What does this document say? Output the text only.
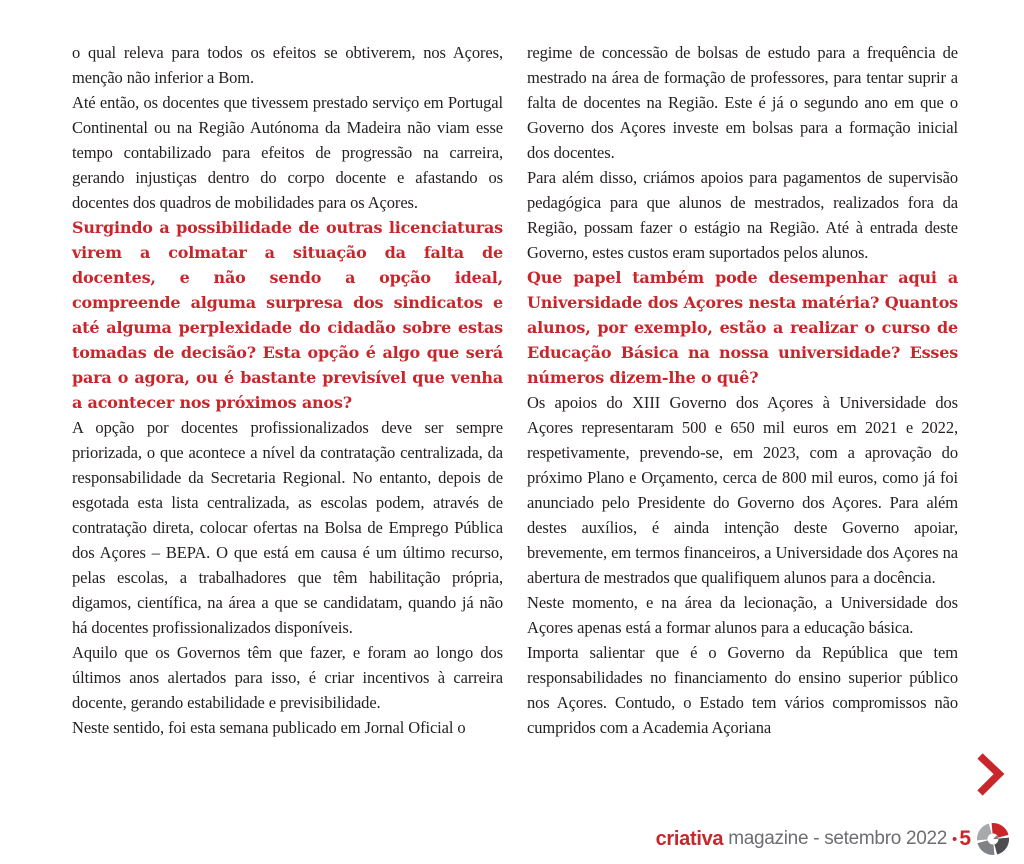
o qual releva para todos os efeitos se obtiverem, nos Açores, menção não inferior a Bom.

Até então, os docentes que tivessem prestado serviço em Portugal Continental ou na Região Autónoma da Madeira não viam esse tempo contabilizado para efeitos de progressão na carreira, gerando injustiças dentro do corpo docente e afastando os docentes dos quadros de mobilidades para os Açores.

Surgindo a possibilidade de outras licenciaturas virem a colmatar a situação da falta de docentes, e não sendo a opção ideal, compreende alguma surpresa dos sindicatos e até alguma perplexidade do cidadão sobre estas tomadas de decisão? Esta opção é algo que será para o agora, ou é bastante previsível que venha a acontecer nos próximos anos?

A opção por docentes profissionalizados deve ser sempre priorizada, o que acontece a nível da contratação centralizada, da responsabilidade da Secretaria Regional. No entanto, depois de esgotada esta lista centralizada, as escolas podem, através de contratação direta, colocar ofertas na Bolsa de Emprego Pública dos Açores – BEPA. O que está em causa é um último recurso, pelas escolas, a trabalhadores que têm habilitação própria, digamos, científica, na área a que se candidatam, quando já não há docentes profissionalizados disponíveis.

Aquilo que os Governos têm que fazer, e foram ao longo dos últimos anos alertados para isso, é criar incentivos à carreira docente, gerando estabilidade e previsibilidade.

Neste sentido, foi esta semana publicado em Jornal Oficial o

regime de concessão de bolsas de estudo para a frequência de mestrado na área de formação de professores, para tentar suprir a falta de docentes na Região. Este é já o segundo ano em que o Governo dos Açores investe em bolsas para a formação inicial dos docentes.

Para além disso, criámos apoios para pagamentos de supervisão pedagógica para que alunos de mestrados, realizados fora da Região, possam fazer o estágio na Região. Até à entrada deste Governo, estes custos eram suportados pelos alunos.

Que papel também pode desempenhar aqui a Universidade dos Açores nesta matéria? Quantos alunos, por exemplo, estão a realizar o curso de Educação Básica na nossa universidade? Esses números dizem-lhe o quê?

Os apoios do XIII Governo dos Açores à Universidade dos Açores representaram 500 e 650 mil euros em 2021 e 2022, respetivamente, prevendo-se, em 2023, com a aprovação do próximo Plano e Orçamento, cerca de 800 mil euros, como já foi anunciado pelo Presidente do Governo dos Açores. Para além destes auxílios, é ainda intenção deste Governo apoiar, brevemente, em termos financeiros, a Universidade dos Açores na abertura de mestrados que qualifiquem alunos para a docência.

Neste momento, e na área da lecionação, a Universidade dos Açores apenas está a formar alunos para a educação básica.

Importa salientar que é o Governo da República que tem responsabilidades no financiamento do ensino superior público nos Açores. Contudo, o Estado tem vários compromissos não cumpridos com a Academia Açoriana

criativa magazine - setembro 2022 • 5
